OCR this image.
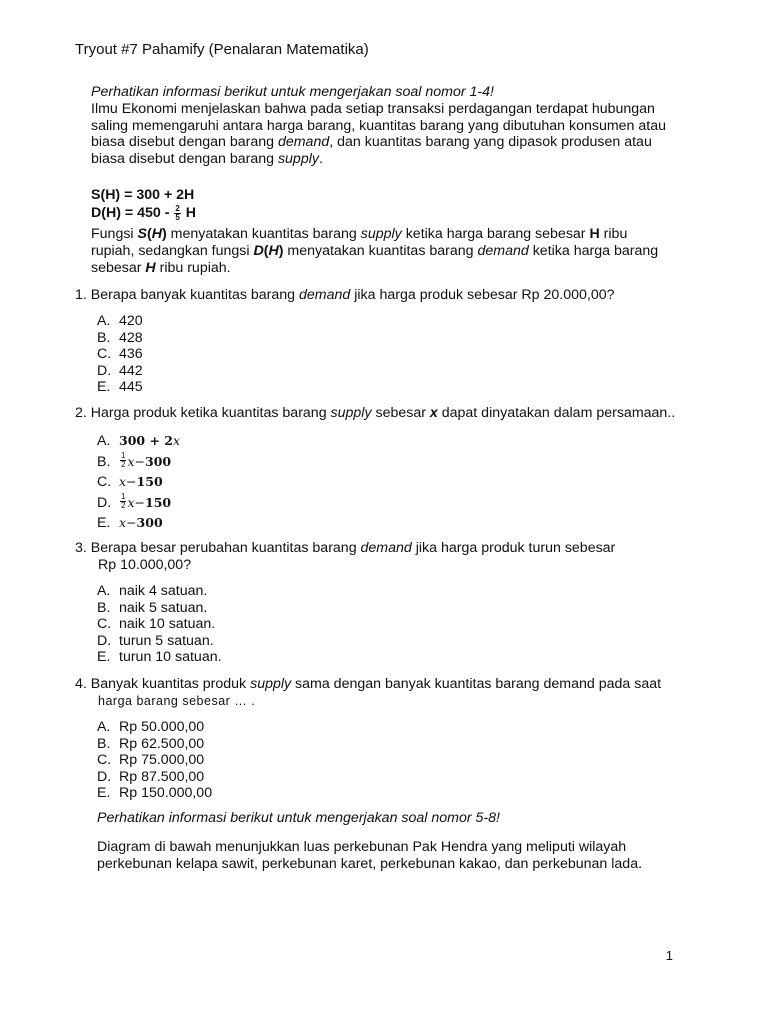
Tryout #7 Pahamify (Penalaran Matematika)
Perhatikan informasi berikut untuk mengerjakan soal nomor 1-4!
Ilmu Ekonomi menjelaskan bahwa pada setiap transaksi perdagangan terdapat hubungan
saling memengaruhi antara harga barang, kuantitas barang yang dibutuhan konsumen atau
biasa disebut dengan barang demand, dan kuantitas barang yang dipasok produsen atau
biasa disebut dengan barang supply.
S(H) = 300 + 2H
$D(H) = 450 - \frac{2}{5}$ H
Fungsi S(H) menyatakan kuantitas barang supply ketika harga barang sebesar H ribu
rupiah, sedangkan fungsi D(H) menyatakan kuantitas barang demand ketika harga barang
sebesar H ribu rupiah.
1. Berapa banyak kuantitas barang demand jika harga produk sebesar Rp 20.000,00?
A. 420
B. 428
C. 436
D. 442
E. 445
2. Harga produk ketika kuantitas barang supply sebesar x dapat dinyatakan dalam persamaan..
A. 300 + 2 x
B.	$\frac{1}{2}$ x − 300
C. x − 150
D.	$\frac{1}{2}$ x − 150
E. x − 300
3. Berapa besar perubahan kuantitas barang demand jika harga produk turun sebesar
Rp 10.000,00?
A. naik 4 satuan.
B. naik 5 satuan.
C. naik 10 satuan.
D. turun 5 satuan.
E. turun 10 satuan.
4. Banyak kuantitas produk supply sama dengan banyak kuantitas barang demand pada saat
harga barang sebesar … .
A. Rp 50.000,00
B. Rp 62.500,00
C. Rp 75.000,00
D. Rp 87.500,00
E. Rp 150.000,00
Perhatikan informasi berikut untuk mengerjakan soal nomor 5-8!
Diagram di bawah menunjukkan luas perkebunan Pak Hendra yang meliputi wilayah
perkebunan kelapa sawit, perkebunan karet, perkebunan kakao, dan perkebunan lada.
1
